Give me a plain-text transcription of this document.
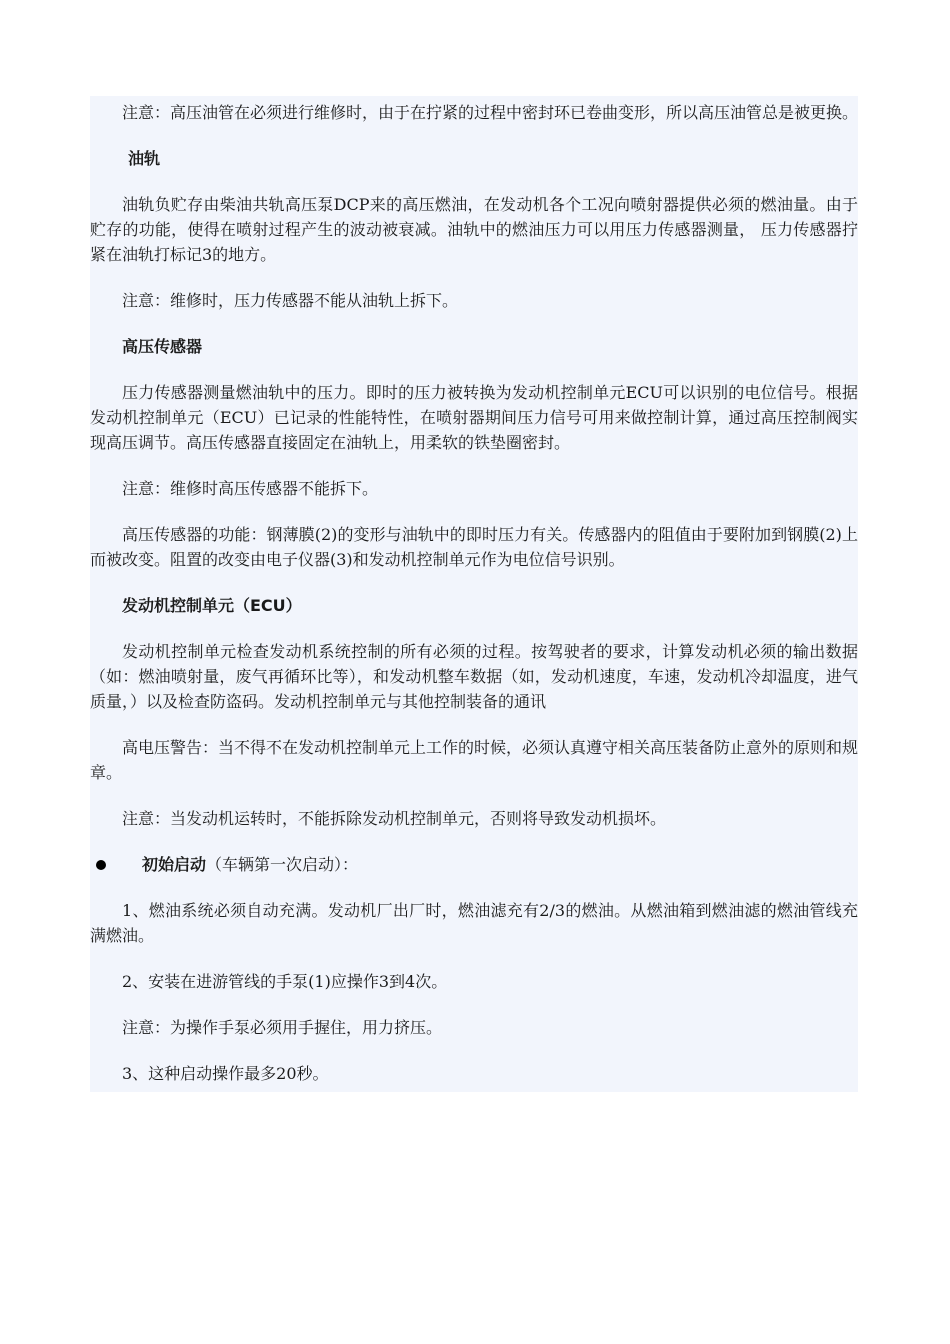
注意：高压油管在必须进行维修时，由于在拧紧的过程中密封环已卷曲变形，所以高压油管总是被更换。

油轨

油轨负贮存由柴油共轨高压泵DCP来的高压燃油，在发动机各个工况向喷射器提供必须的燃油量。由于贮存的功能，使得在喷射过程产生的波动被衰减。油轨中的燃油压力可以用压力传感器测量， 压力传感器拧紧在油轨打标记3的地方。

注意：维修时，压力传感器不能从油轨上拆下。

高压传感器

压力传感器测量燃油轨中的压力。即时的压力被转换为发动机控制单元ECU可以识别的电位信号。根据发动机控制单元（ECU）已记录的性能特性，在喷射器期间压力信号可用来做控制计算，通过高压控制阀实现高压调节。高压传感器直接固定在油轨上，用柔软的铁垫圈密封。

注意：维修时高压传感器不能拆下。

高压传感器的功能：钢薄膜(2)的变形与油轨中的即时压力有关。传感器内的阻值由于要附加到钢膜(2)上而被改变。阻置的改变由电子仪器(3)和发动机控制单元作为电位信号识别。

发动机控制单元（ECU）

发动机控制单元检查发动机系统控制的所有必须的过程。按驾驶者的要求，计算发动机必须的输出数据（如：燃油喷射量，废气再循环比等），和发动机整车数据（如，发动机速度，车速，发动机冷却温度，进气质量，）以及检查防盗码。发动机控制单元与其他控制装备的通讯

高电压警告：当不得不在发动机控制单元上工作的时候，必须认真遵守相关高压装备防止意外的原则和规章。

注意：当发动机运转时，不能拆除发动机控制单元，否则将导致发动机损坏。

初始启动 （车辆第一次启动）：

1、燃油系统必须自动充满。发动机厂出厂时，燃油滤充有2/3的燃油。从燃油箱到燃油滤的燃油管线充满燃油。

2、安装在进游管线的手泵(1)应操作3到4次。

注意：为操作手泵必须用手握住，用力挤压。

3、这种启动操作最多20秒。
